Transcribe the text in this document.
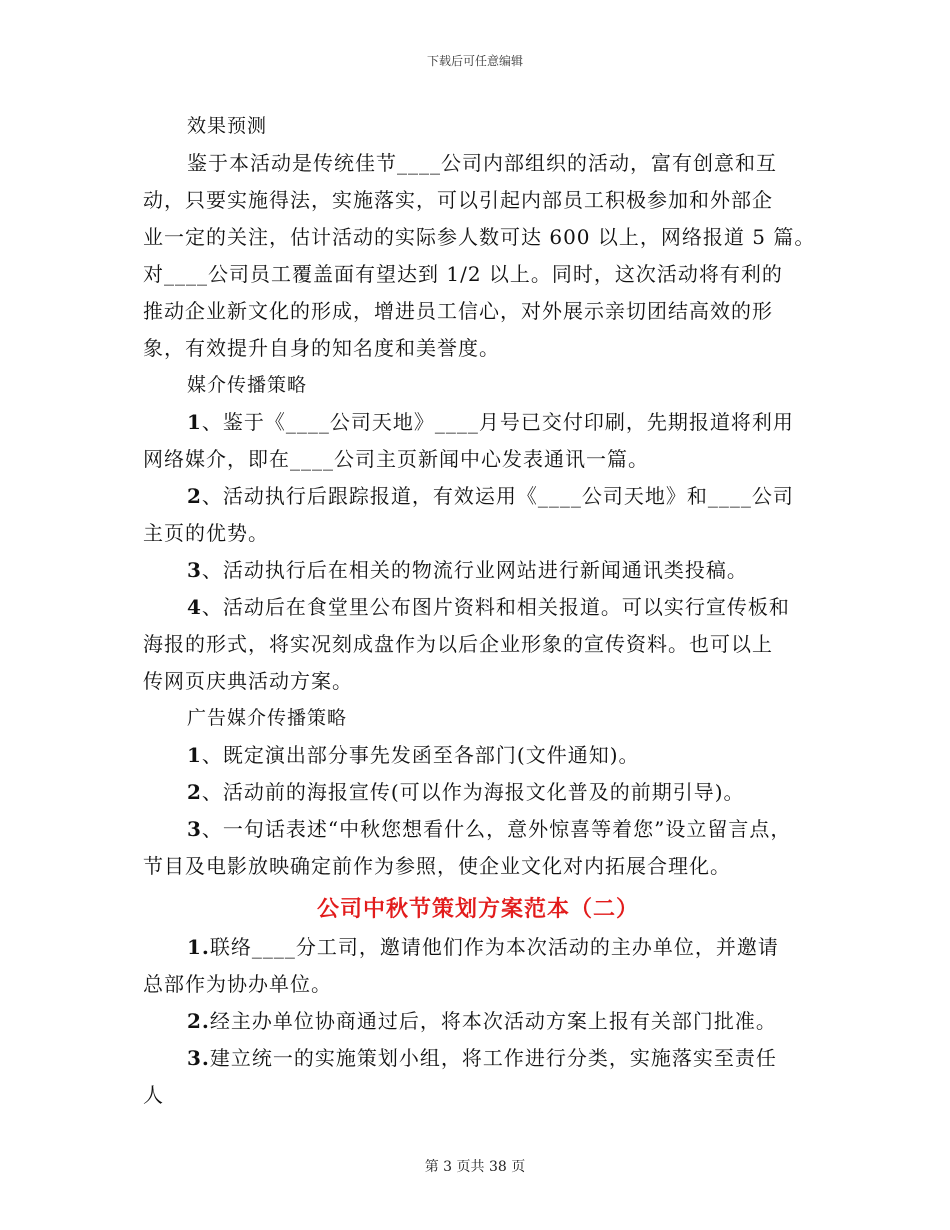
下载后可任意编辑
效果预测
鉴于本活动是传统佳节____公司内部组织的活动，富有创意和互
动，只要实施得法，实施落实，可以引起内部员工积极参加和外部企
业一定的关注，估计活动的实际参人数可达 600 以上，网络报道 5 篇。
对____公司员工覆盖面有望达到 1/2 以上。同时，这次活动将有利的
推动企业新文化的形成，增进员工信心，对外展示亲切团结高效的形
象，有效提升自身的知名度和美誉度。
媒介传播策略
1、鉴于《____公司天地》____月号已交付印刷，先期报道将利用
网络媒介，即在____公司主页新闻中心发表通讯一篇。
2、活动执行后跟踪报道，有效运用《____公司天地》和____公司
主页的优势。
3、活动执行后在相关的物流行业网站进行新闻通讯类投稿。
4、活动后在食堂里公布图片资料和相关报道。可以实行宣传板和
海报的形式，将实况刻成盘作为以后企业形象的宣传资料。也可以上
传网页庆典活动方案。
广告媒介传播策略
1、既定演出部分事先发函至各部门(文件通知)。
2、活动前的海报宣传(可以作为海报文化普及的前期引导)。
3、一句话表述“中秋您想看什么，意外惊喜等着您”设立留言点，
节目及电影放映确定前作为参照，使企业文化对内拓展合理化。
公司中秋节策划方案范本（二）
1.联络____分工司，邀请他们作为本次活动的主办单位，并邀请
总部作为协办单位。
2.经主办单位协商通过后，将本次活动方案上报有关部门批准。
3.建立统一的实施策划小组，将工作进行分类，实施落实至责任
人
第 3 页共 38 页
